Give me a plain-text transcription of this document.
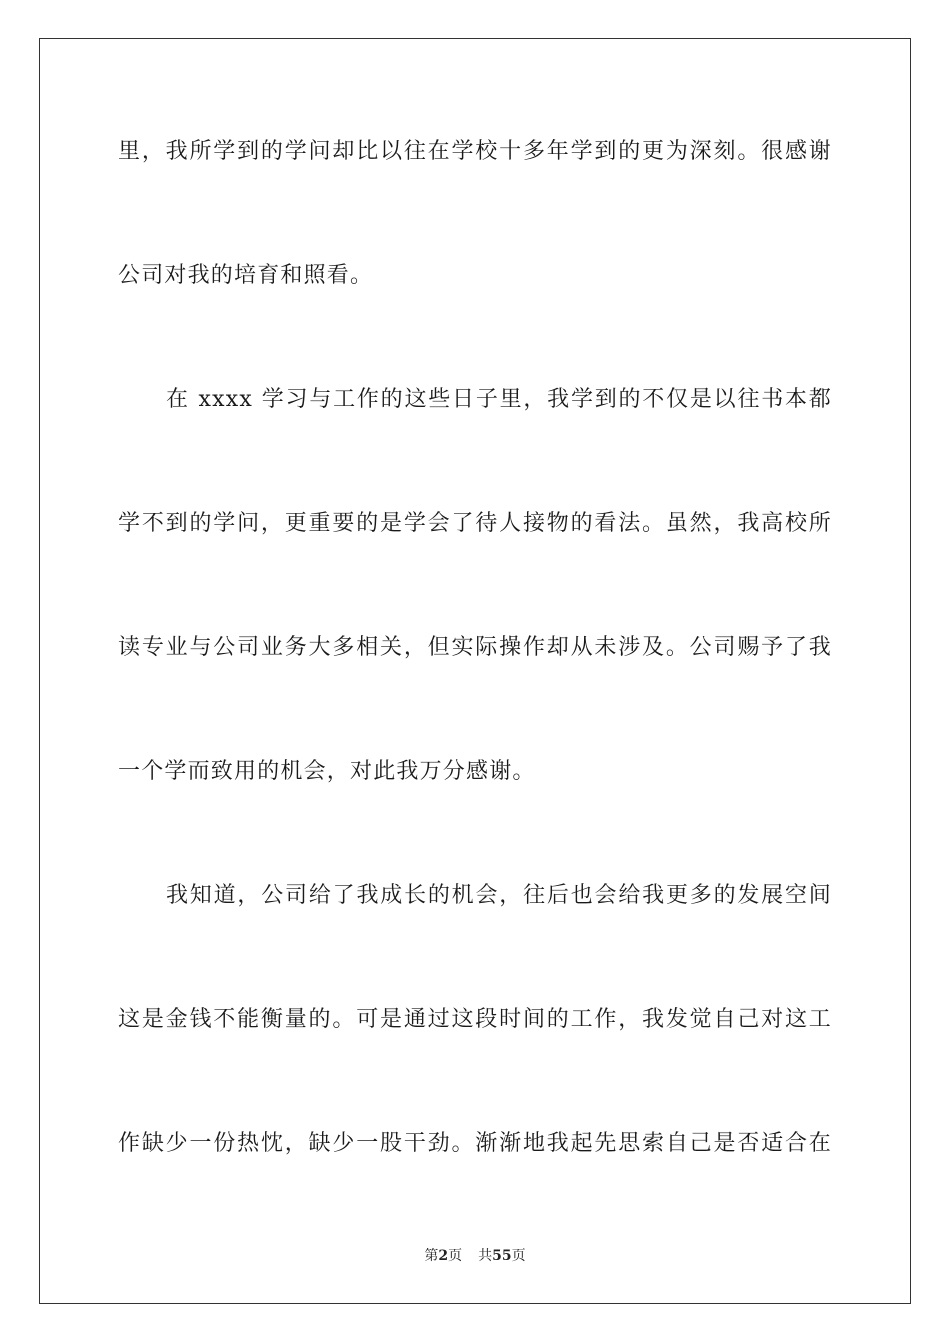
里，我所学到的学问却比以往在学校十多年学到的更为深刻。很感谢
公司对我的培育和照看。
在 xxxx 学习与工作的这些日子里，我学到的不仅是以往书本都
学不到的学问，更重要的是学会了待人接物的看法。虽然，我高校所
读专业与公司业务大多相关，但实际操作却从未涉及。公司赐予了我
一个学而致用的机会，对此我万分感谢。
我知道，公司给了我成长的机会，往后也会给我更多的发展空间
这是金钱不能衡量的。可是通过这段时间的工作，我发觉自己对这工
作缺少一份热忱，缺少一股干劲。渐渐地我起先思索自己是否适合在
第2页 共55页
